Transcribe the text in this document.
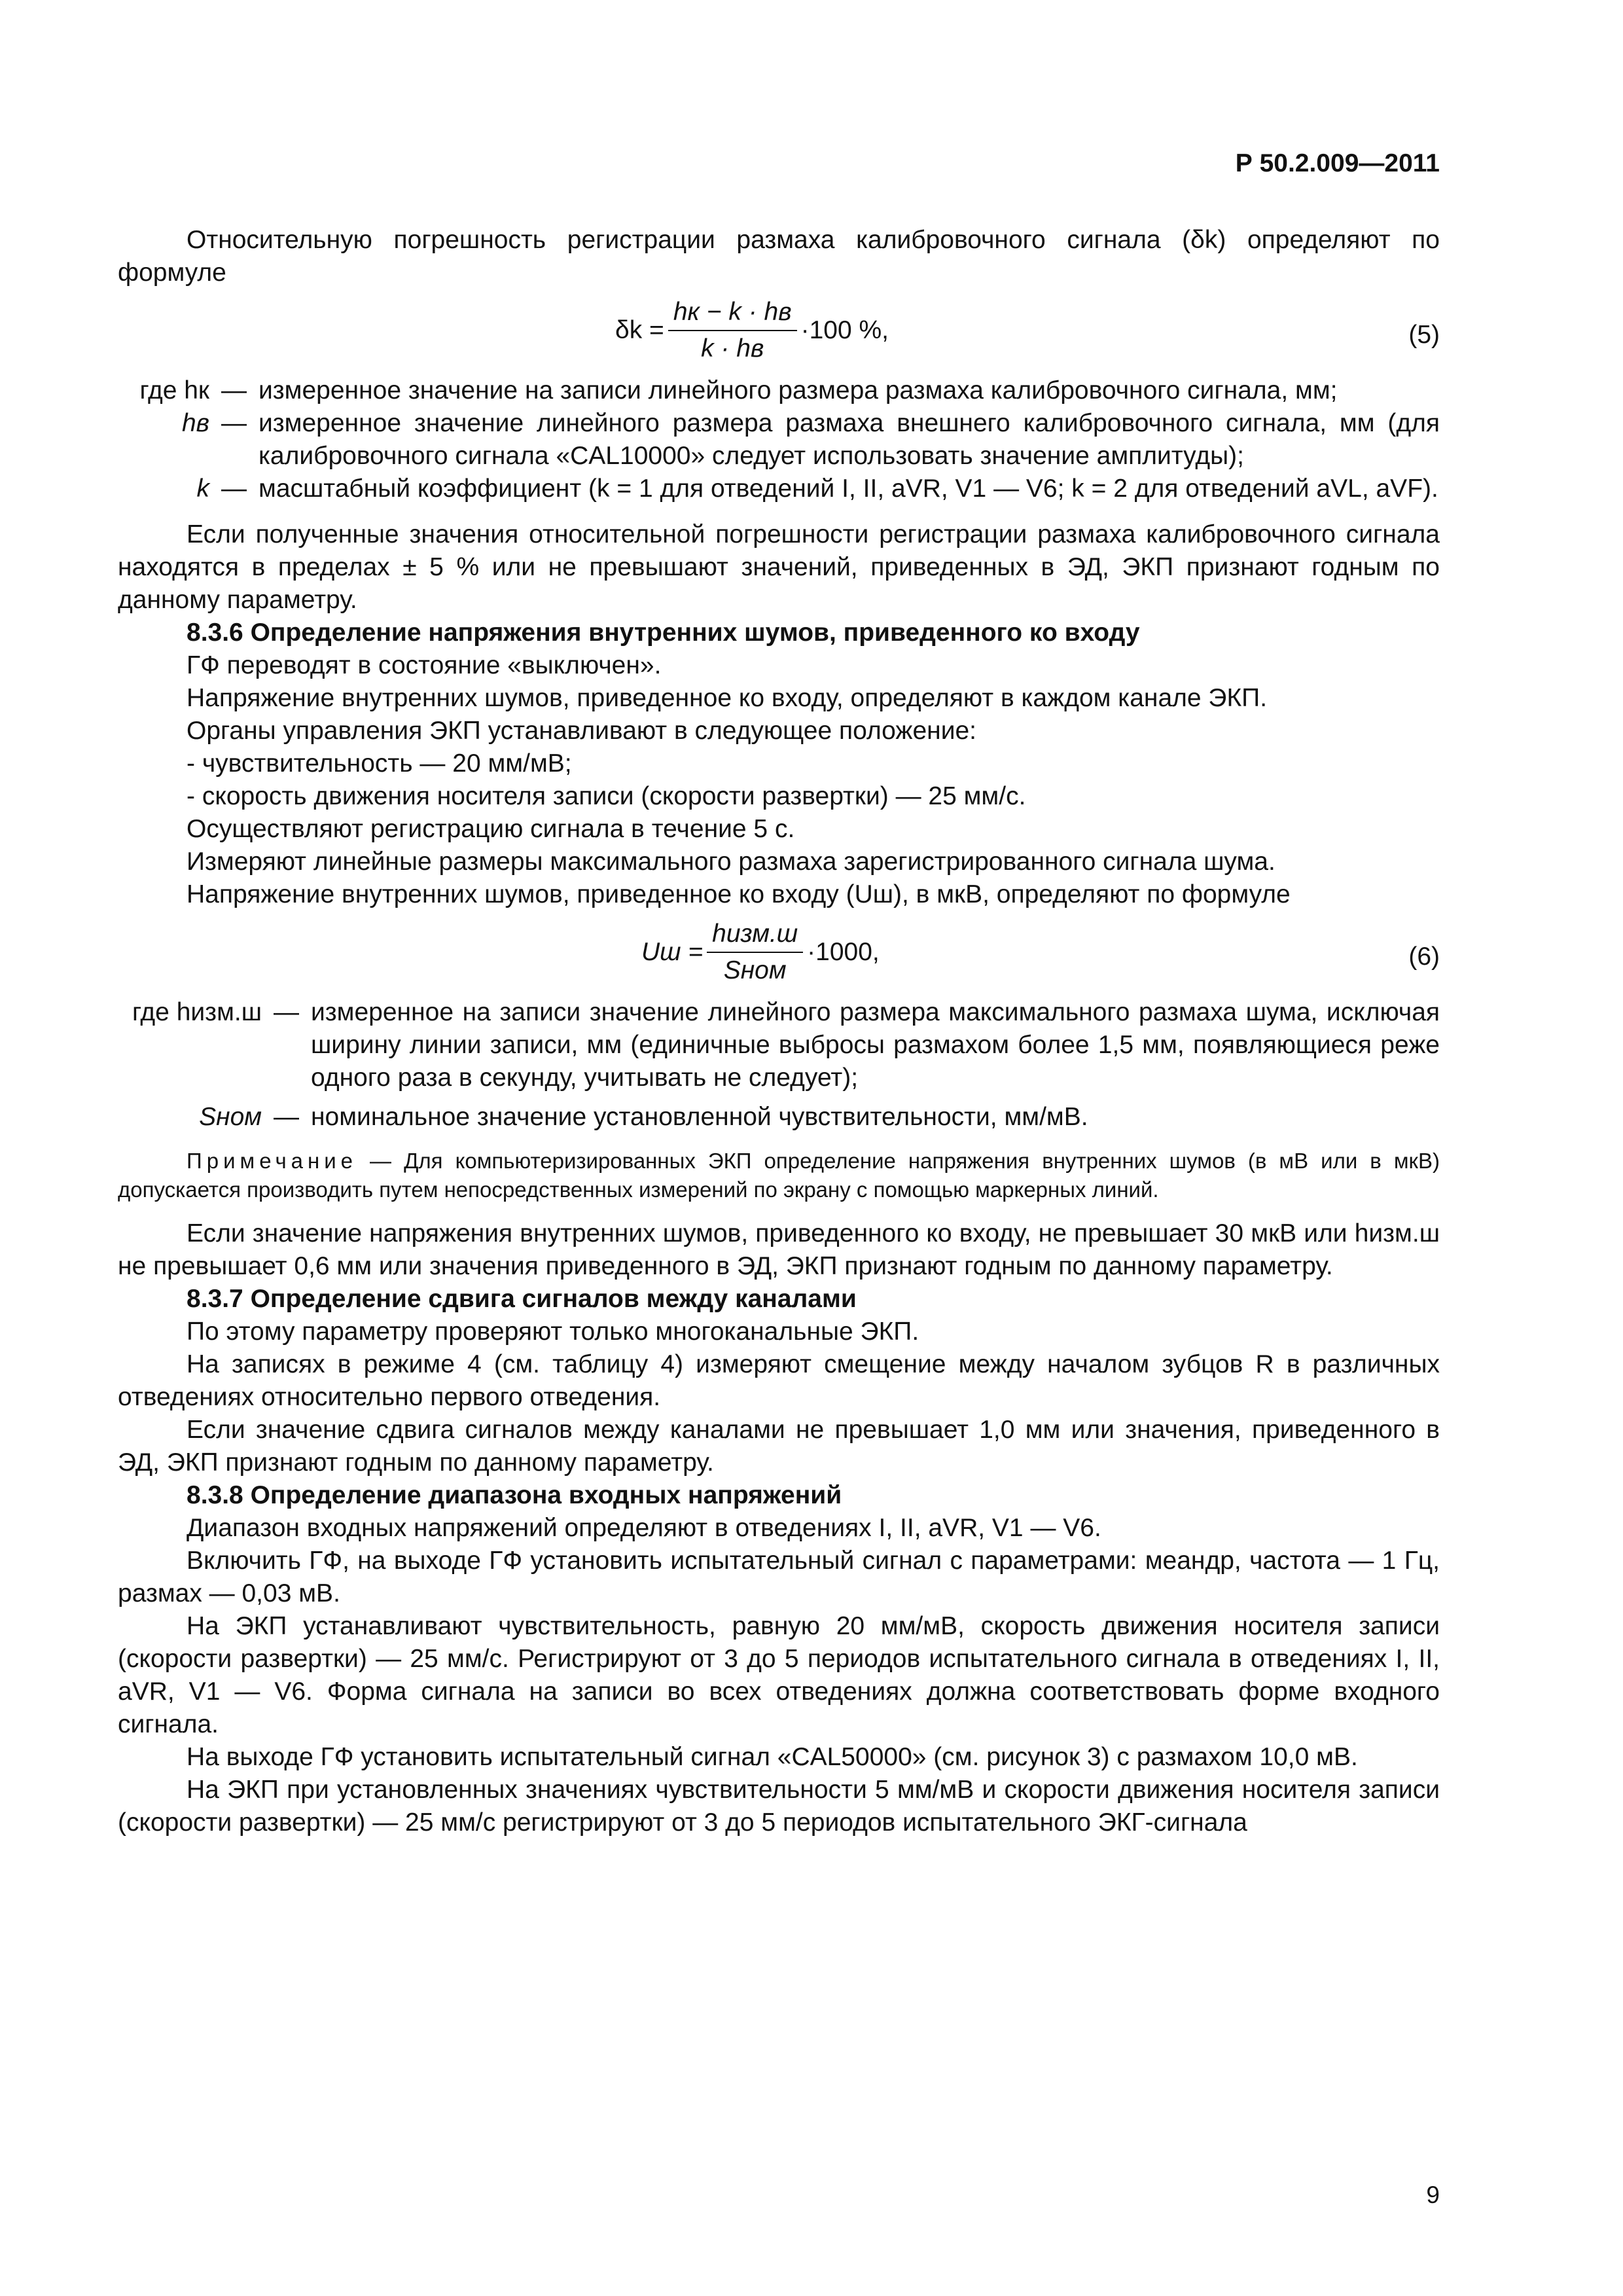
Р 50.2.009—2011

Относительную погрешность регистрации размаха калибровочного сигнала (δk) определяют по формуле

$\delta k = \frac{hк - k \cdot hв}{k \cdot hв} \cdot 100$ %,	(5)
где hк — измеренное значение на записи линейного размера размаха калибровочного сигнала, мм;
hв — измеренное значение линейного размера размаха внешнего калибровочного сигнала, мм (для калибровочного сигнала «CAL10000» следует использовать значение амплитуды);
k — масштабный коэффициент (k = 1 для отведений I, II, aVR, V1 — V6; k = 2 для отведений aVL, aVF).

Если полученные значения относительной погрешности регистрации размаха калибровочного сигнала находятся в пределах ± 5 % или не превышают значений, приведенных в ЭД, ЭКП признают годным по данному параметру.

8.3.6 Определение напряжения внутренних шумов, приведенного ко входу

ГФ переводят в состояние «выключен».

Напряжение внутренних шумов, приведенное ко входу, определяют в каждом канале ЭКП.

Органы управления ЭКП устанавливают в следующее положение:

- чувствительность — 20 мм/мВ;

- скорость движения носителя записи (скорости развертки) — 25 мм/с.

Осуществляют регистрацию сигнала в течение 5 с.

Измеряют линейные размеры максимального размаха зарегистрированного сигнала шума.

Напряжение внутренних шумов, приведенное ко входу (Uш), в мкВ, определяют по формуле

Uш = $\frac{\text{hизм.ш}}{\text{Sном}} \cdot 1000$,	(6)
где hизм.ш — измеренное на записи значение линейного размера максимального размаха шума, исключая ширину линии записи, мм (единичные выбросы размахом более 1,5 мм, появляющиеся реже одного раза в секунду, учитывать не следует);
Sном — номинальное значение установленной чувствительности, мм/мВ.

Примечание — Для компьютеризированных ЭКП определение напряжения внутренних шумов (в мВ или в мкВ) допускается производить путем непосредственных измерений по экрану с помощью маркерных линий.

Если значение напряжения внутренних шумов, приведенного ко входу, не превышает 30 мкВ или hизм.ш не превышает 0,6 мм или значения приведенного в ЭД, ЭКП признают годным по данному параметру.

8.3.7 Определение сдвига сигналов между каналами

По этому параметру проверяют только многоканальные ЭКП.

На записях в режиме 4 (см. таблицу 4) измеряют смещение между началом зубцов R в различных отведениях относительно первого отведения.

Если значение сдвига сигналов между каналами не превышает 1,0 мм или значения, приведенного в ЭД, ЭКП признают годным по данному параметру.

8.3.8 Определение диапазона входных напряжений

Диапазон входных напряжений определяют в отведениях I, II, aVR, V1 — V6.

Включить ГФ, на выходе ГФ установить испытательный сигнал с параметрами: меандр, частота — 1 Гц, размах — 0,03 мВ.

На ЭКП устанавливают чувствительность, равную 20 мм/мВ, скорость движения носителя записи (скорости развертки) — 25 мм/с. Регистрируют от 3 до 5 периодов испытательного сигнала в отведениях I, II, aVR, V1 — V6. Форма сигнала на записи во всех отведениях должна соответствовать форме входного сигнала.

На выходе ГФ установить испытательный сигнал «CAL50000» (см. рисунок 3) с размахом 10,0 мВ.

На ЭКП при установленных значениях чувствительности 5 мм/мВ и скорости движения носителя записи (скорости развертки) — 25 мм/с регистрируют от 3 до 5 периодов испытательного ЭКГ-сигнала

9
